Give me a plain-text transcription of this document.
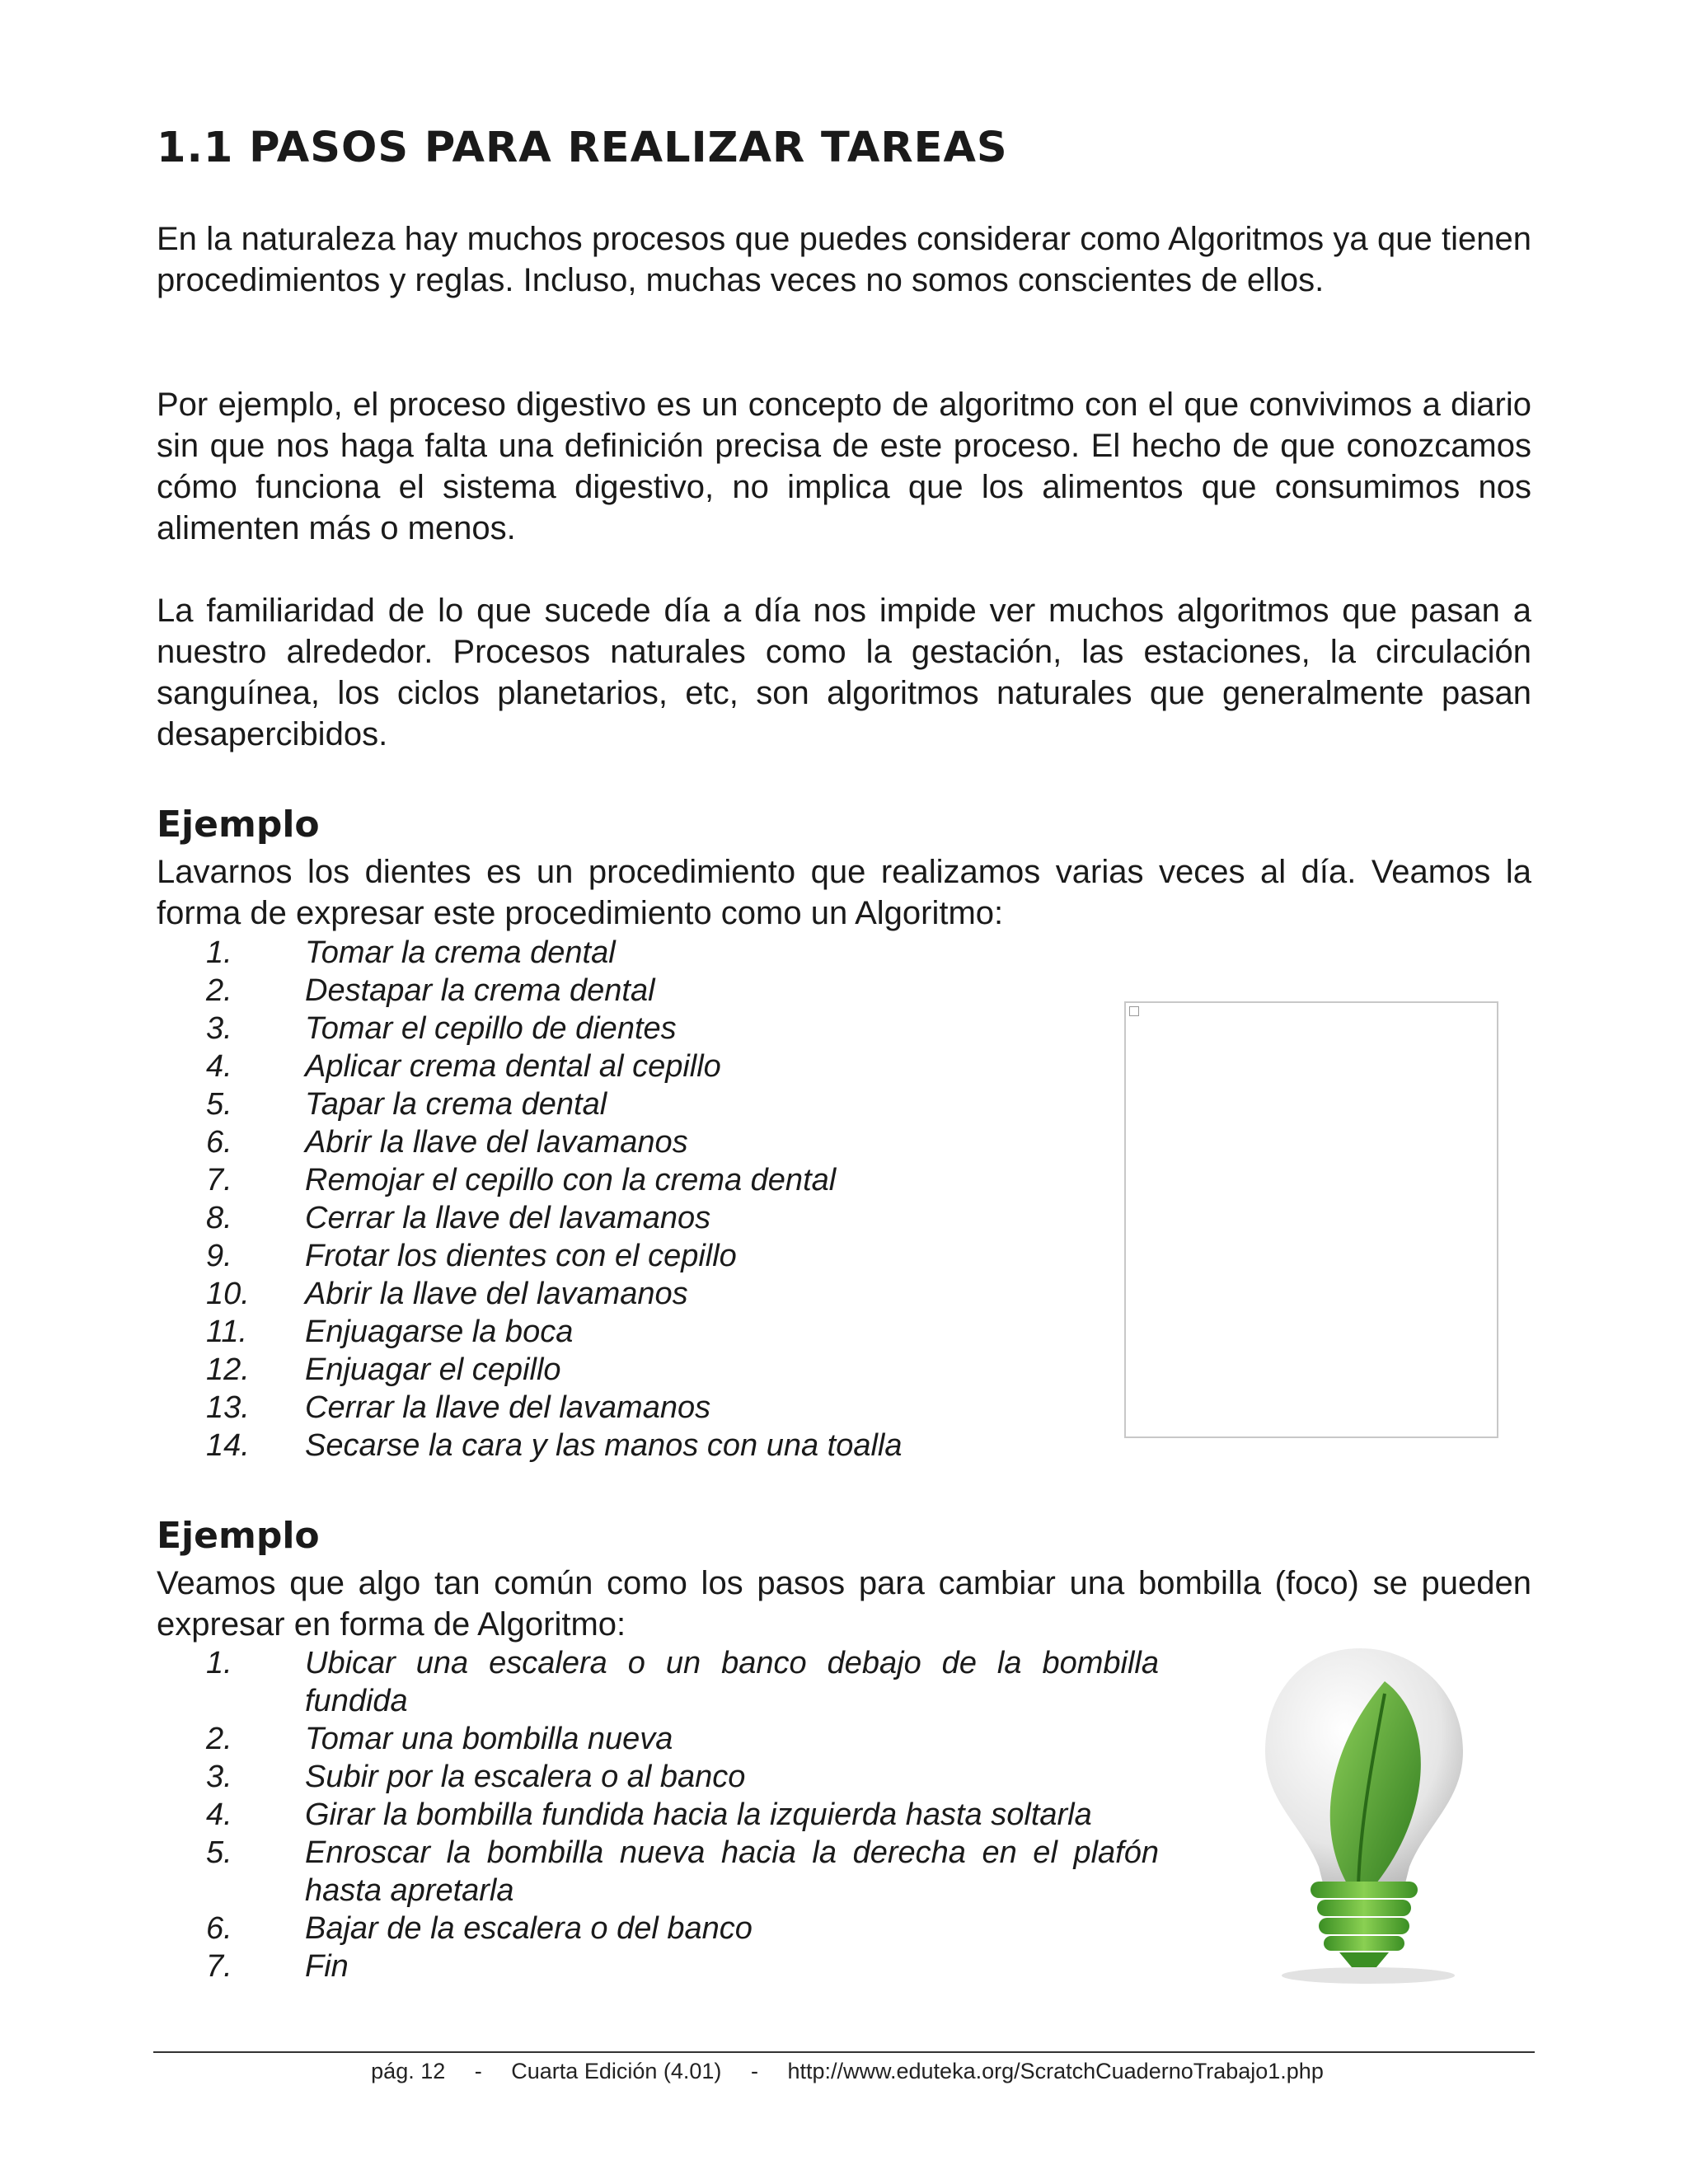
1.1 PASOS PARA REALIZAR TAREAS

En la naturaleza hay muchos procesos que puedes considerar como Algoritmos ya que tienen procedimientos y reglas. Incluso, muchas veces no somos conscientes de ellos.

Por ejemplo, el proceso digestivo es un concepto de algoritmo con el que convivimos a diario sin que nos haga falta una definición precisa de este proceso. El hecho de que conozcamos cómo funciona el sistema digestivo, no implica que los alimentos que consumimos nos alimenten más o menos.

La familiaridad de lo que sucede día a día nos impide ver muchos algoritmos que pasan a nuestro alrededor. Procesos naturales como la gestación, las estaciones, la circulación sanguínea, los ciclos planetarios, etc, son algoritmos naturales que generalmente pasan desapercibidos.

Ejemplo

Lavarnos los dientes es un procedimiento que realizamos varias veces al día. Veamos la forma de expresar este procedimiento como un Algoritmo:

1. Tomar la crema dental
2. Destapar la crema dental
3. Tomar el cepillo de dientes
4. Aplicar crema dental al cepillo
5. Tapar la crema dental
6. Abrir la llave del lavamanos
7. Remojar el cepillo con la crema dental
8. Cerrar la llave del lavamanos
9. Frotar los dientes con el cepillo
10. Abrir la llave del lavamanos
11. Enjuagarse la boca
12. Enjuagar el cepillo
13. Cerrar la llave del lavamanos
14. Secarse la cara y las manos con una toalla
Ejemplo

Veamos que algo tan común como los pasos para cambiar una bombilla (foco) se pueden expresar en forma de Algoritmo:

1. Ubicar una escalera o un banco debajo de la bombilla fundida
2. Tomar una bombilla nueva
3. Subir por la escalera o al banco
4. Girar la bombilla fundida hacia la izquierda hasta soltarla
5. Enroscar la bombilla nueva hacia la derecha en el plafón hasta apretarla
6. Bajar de la escalera o del banco
7. Fin
pág. 12 - Cuarta Edición (4.01) - http://www.eduteka.org/ScratchCuadernoTrabajo1.php
